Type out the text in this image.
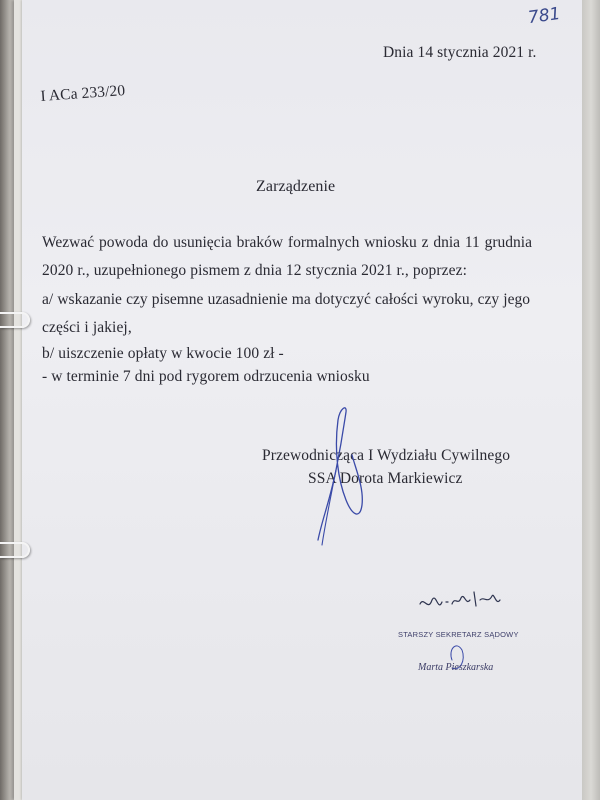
781
Dnia 14 stycznia 2021 r.
I ACa 233/20
Zarządzenie
Wezwać powoda do usunięcia braków formalnych wniosku z dnia 11 grudnia
2020 r., uzupełnionego pismem z dnia 12 stycznia 2021 r., poprzez:
a/ wskazanie czy pisemne uzasadnienie ma dotyczyć całości wyroku, czy jego
części i jakiej,
b/ uiszczenie opłaty w kwocie 100 zł -
- w terminie 7 dni pod rygorem odrzucenia wniosku
Przewodnicząca I Wydziału Cywilnego
SSA Dorota Markiewicz
STARSZY SEKRETARZ SĄDOWY
Marta Pieszkarska
